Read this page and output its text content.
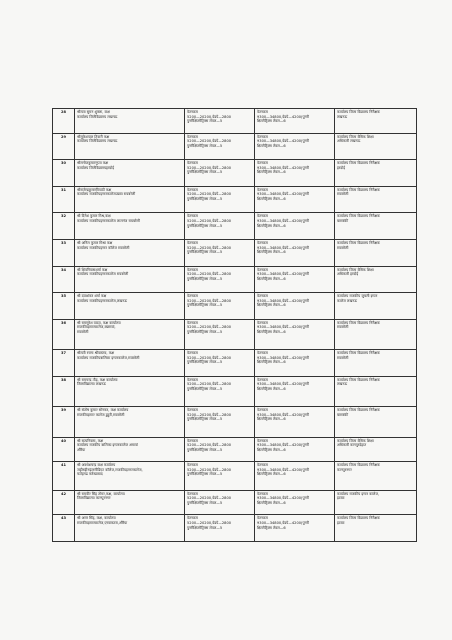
28	श्रीमता सुमन शुक्ला, कक्ष
कार्यालय जिलेविद्यालय लखनऊ	वेतनक्रम
5200—20200,ग्रेडपे—2800
पुनरीक्षितमैट्रिक्स लेवल—5	वेतनक्रम
9300—34800,ग्रेडपे—4200(पुनरी
क्षितमैट्रिक्स लेवल—6	कार्यालय जिला विद्यालय निरीक्षक
लखनऊ
29	श्रीमुकेशपाल तिवारी कक्ष
कार्यालय जिलेविद्यालय लखनऊ	वेतनक्रम
5200—20200,ग्रेडपे—2800
पुनरीक्षितमैट्रिक्स लेवल—5	वेतनक्रम
9300—34800,ग्रेडपे—4200(पुनरी
क्षितमैट्रिक्स लेवल—6	कार्यालय जिला बेसिक शिक्षा
अधिकारी लखनऊ
30	श्रीमनोजकुमारगुप्ता कक्ष
कार्यालय जिलेविद्यालयहरदोई	वेतनक्रम
5200—20200,ग्रेडपे—2800
पुनरीक्षितमैट्रिक्स लेवल—5	वेतनक्रम
9300—34800,ग्रेडपे—4200(पुनरी
क्षितमैट्रिक्स लेवल—6	कार्यालय जिला विद्यालय निरीक्षक
हरदोई
31	श्रीराजेन्द्रकुमारत्रिपाठी कक्ष
कार्यालय राजकीयइण्टरकालेजउन्नाव रायबरेली	वेतनक्रम
5200—20200,ग्रेडपे—2800
पुनरीक्षितमैट्रिक्स लेवल—5	वेतनक्रम
9300—34800,ग्रेडपे—4200(पुनरी
क्षितमैट्रिक्स लेवल—6	कार्यालय जिला विद्यालय निरीक्षक
रायबरेली
32	श्री दिनेश कुमार मिश्र,कक्ष
कार्यालय राजकीयइण्टरकालेज लालगंज रायबरेली	वेतनक्रम
5200—20200,ग्रेडपे—2800
पुनरीक्षितमैट्रिक्स लेवल—5	वेतनक्रम
9300—34800,ग्रेडपे—4200(पुनरी
क्षितमैट्रिक्स लेवल—6	कार्यालय जिला विद्यालय निरीक्षक
बाराबंकी
33	श्री अनिल कुमार मिश्रा कक्ष
कार्यालय राजकीयइण्टर कॉलेज रायबरेली	वेतनक्रम
5200—20200,ग्रेडपे—2800
पुनरीक्षितमैट्रिक्स लेवल—5	वेतनक्रम
9300—34800,ग्रेडपे—4200(पुनरी
क्षितमैट्रिक्स लेवल—6	कार्यालय जिला विद्यालय निरीक्षक
रायबरेली
34	श्री शिवनिवासशर्मा कक्ष
कार्यालय राजकीयइण्टरकालेज रायबरेली	वेतनक्रम
5200—20200,ग्रेडपे—2800
पुनरीक्षितमैट्रिक्स लेवल—5	वेतनक्रम
9300—34800,ग्रेडपे—4200(पुनरी
क्षितमैट्रिक्स लेवल—6	कार्यालय जिला बेसिक शिक्षा
अधिकारी हरदोई
35	श्री दयाशंकर शर्मा कक्ष
कार्यालय राजकीयइण्टरकालेज,लखनऊ	वेतनक्रम
5200—20200,ग्रेडपे—2800
पुनरीक्षितमैट्रिक्स लेवल—5	वेतनक्रम
9300—34800,ग्रेडपे—4200(पुनरी
क्षितमैट्रिक्स लेवल—6	कार्यालय राजकीय जुबली इण्टर
कालेज लखनऊ
36	श्री रामसुरेश यादव, कक्ष कार्यालय
राजकीयइण्टरकालेज,बछरावां,
रायबरेली	वेतनक्रम
5200—20200,ग्रेडपे—2800
पुनरीक्षितमैट्रिक्स लेवल—5	वेतनक्रम
9300—34800,ग्रेडपे—4200(पुनरी
क्षितमैट्रिक्स लेवल—6	कार्यालय जिला विद्यालय निरीक्षक
रायबरेली
37	श्रीमती रचना श्रीवास्तव, कक्ष
कार्यालय राजकीयबालिका इण्टरकालेज,रायबरेली	वेतनक्रम
5200—20200,ग्रेडपे—2800
पुनरीक्षितमैट्रिक्स लेवल—5	वेतनक्रम
9300—34800,ग्रेडपे—4200(पुनरी
क्षितमैट्रिक्स लेवल—6	कार्यालय जिला विद्यालय निरीक्षक
रायबरेली
38	श्री रामचन्द्र तौड़, कक्ष कार्यालय
जिलाविद्यालय लखनऊ	वेतनक्रम
5200—20200,ग्रेडपे—2800
पुनरीक्षितमैट्रिक्स लेवल—5	वेतनक्रम
9300—34800,ग्रेडपे—4200(पुनरी
क्षितमैट्रिक्स लेवल—6	कार्यालय जिला विद्यालय निरीक्षक
लखनऊ
39	श्री संतोष कुमार सोनकर, कक्ष कार्यालय
राजकीयइण्टर कालेज डुहुरी,रायबरेली	वेतनक्रम
5200—20200,ग्रेडपे—2800
पुनरीक्षितमैट्रिक्स लेवल—5	वेतनक्रम
9300—34800,ग्रेडपे—4200(पुनरी
क्षितमैट्रिक्स लेवल—6	कार्यालय जिला विद्यालय निरीक्षक
बाराबंकी
40	श्री सत्यनिवास, कक्ष
कार्यालय राजकीय बालिका इण्टरकालेज अमावां
औरैया	वेतनक्रम
5200—20200,ग्रेडपे—2800
पुनरीक्षितमैट्रिक्स लेवल—5	वेतनक्रम
9300—34800,ग्रेडपे—4200(पुनरी
क्षितमैट्रिक्स लेवल—6	कार्यालय जिला बेसिक शिक्षा
अधिकारी कानपुरदेहात
41	श्री अवधेशचन्द्र कक्ष कार्यालय
जहीरुद्दीनइंटरमीडिएट कॉलेज,राजकीयइण्टरकालेज,
फतेहगढ फर्रुखाबाद	वेतनक्रम
5200—20200,ग्रेडपे—2800
पुनरीक्षितमैट्रिक्स लेवल—5	वेतनक्रम
9300—34800,ग्रेडपे—4200(पुनरी
क्षितमैट्रिक्स लेवल—6	कार्यालय जिला विद्यालय निरीक्षक
कानपुरनगर
42	श्री रामवीर सिंह तोमर,कक्ष, कार्यालय
जिलाविद्यालय कानपुरनगर	वेतनक्रम
5200—20200,ग्रेडपे—2800
पुनरीक्षितमैट्रिक्स लेवल—5	वेतनक्रम
9300—34800,ग्रेडपे—4200(पुनरी
क्षितमैट्रिक्स लेवल—6	कार्यालय राजकीय इण्टर कालेज,
इटावा
43	श्री अमर सिंह, कक्ष, कार्यालय
राजकीयइण्टरकालेज,एरवाकटरा,औरैया	वेतनक्रम
5200—20200,ग्रेडपे—2800
पुनरीक्षितमैट्रिक्स लेवल—5	वेतनक्रम
9300—34800,ग्रेडपे—4200(पुनरी
क्षितमैट्रिक्स लेवल—6	कार्यालय जिला विद्यालय निरीक्षक
इटावा
